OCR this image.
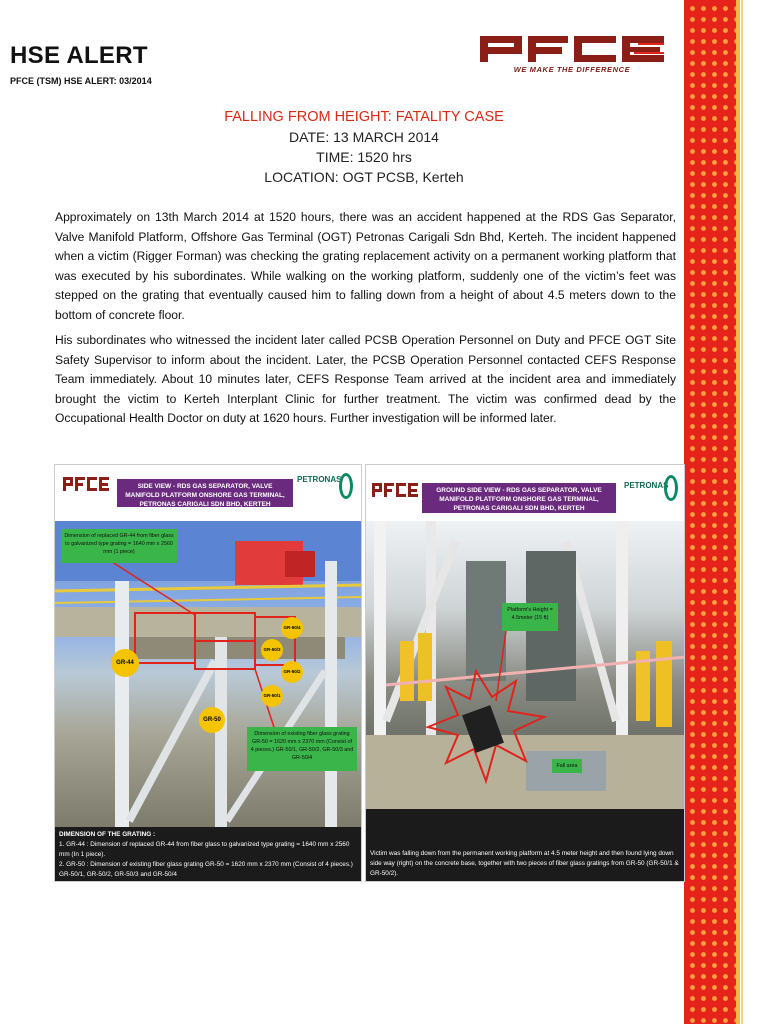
HSE ALERT
PFCE (TSM) HSE ALERT: 03/2014
WE MAKE THE DIFFERENCE
FALLING FROM HEIGHT: FATALITY CASE
DATE: 13 MARCH 2014
TIME: 1520 hrs
LOCATION: OGT PCSB, Kerteh

Approximately on 13th March 2014 at 1520 hours, there was an accident happened at the RDS Gas Separator, Valve Manifold Platform, Offshore Gas Terminal (OGT) Petronas Carigali Sdn Bhd, Kerteh. The incident happened when a victim (Rigger Forman) was checking the grating replacement activity on a permanent working platform that was executed by his subordinates. While walking on the working platform, suddenly one of the victim’s feet was stepped on the grating that eventually caused him to falling down from a height of about 4.5 meters down to the bottom of concrete floor.

His subordinates who witnessed the incident later called PCSB Operation Personnel on Duty and PFCE OGT Site Safety Supervisor to inform about the incident. Later, the PCSB Operation Personnel contacted CEFS Response Team immediately. About 10 minutes later, CEFS Response Team arrived at the incident area and immediately brought the victim to Kerteh Interplant Clinic for further treatment. The victim was confirmed dead by the Occupational Health Doctor on duty at 1620 hours. Further investigation will be informed later.

SIDE VIEW - RDS GAS SEPARATOR, VALVE MANIFOLD PLATFORM ONSHORE GAS TERMINAL, PETRONAS CARIGALI SDN BHD, KERTEH
PETRONAS
Dimension of replaced GR-44 from fiber glass to galvanized type grating = 1640 mm x 2560 mm (1 piece)
Dimension of existing fiber glass grating GR-50 = 1620 mm x 2370 mm (Consist of 4 pieces.) GR-50/1, GR-50/2, GR-50/3 and GR-50/4
GR-44
GR-50
GR-50/4
GR-50/3
GR-50/2
GR-50/1
DIMENSION OF THE GRATING :
1. GR-44 : Dimension of replaced GR-44 from fiber glass to galvanized type grating = 1640 mm x 2560 mm (In 1 piece).
2. GR-50 : Dimension of existing fiber glass grating GR-50 = 1620 mm x 2370 mm (Consist of 4 pieces.) GR-50/1, GR-50/2, GR-50/3 and GR-50/4
GROUND SIDE VIEW - RDS GAS SEPARATOR, VALVE MANIFOLD PLATFORM ONSHORE GAS TERMINAL, PETRONAS CARIGALI SDN BHD, KERTEH
PETRONAS
Platform's Height = 4.5meter (15 ft)
Fall area
Victim was falling down from the permanent working platform at 4.5 meter height and then found lying down side way (right) on the concrete base, together with two pieces of fiber glass gratings from GR-50 (GR-50/1 & GR-50/2).
